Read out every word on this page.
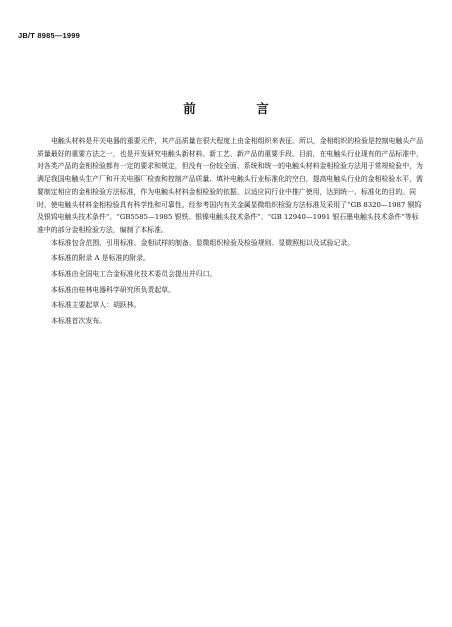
JB/T 8985—1999
前　言

电触头材料是开关电器的重要元件，其产品质量在很大程度上由金相组织来表征。所以，金相组织的检验是控制电触头产品质量最好的重要方法之一，也是开发研究电触头新材料、新工艺、新产品的重要手段。目前，在电触头行业现有的产品标准中，对各类产品的金相检验都有一定的要求和规定，但没有一份较全面、系统和统一的电触头材料金相检验方法用于常规检验中，为满足我国电触头生产厂和开关电器厂检查和控制产品质量、填补电触头行业标准化的空白，提高电触头行业的金相检验水平，需要制定相应的金相检验方法标准，作为电触头材料金相检验的依据，以适应同行业中推广使用，达到统一、标准化的目的。同时，使电触头材料金相检验具有科学性和可靠性。经参考国内有关金属显微组织检验方法标准及采用了“GB 8320—1987 铜钨及银钨电触头技术条件”、“GB5585—1985 银铁、银镍电触头技术条件”、“GB 12940—1991 银石墨电触头技术条件”等标准中的部分金相检验方法，编制了本标准。

本标准包含范围、引用标准、金相试样的制备、显微组织检验及检验规则、显微照相以及试验记录。

本标准的附录 A 是标准的附录。

本标准由全国电工合金标准化技术委员会提出并归口。

本标准由桂林电器科学研究所负责起草。

本标准主要起草人：胡跃林。

本标准首次发布。
